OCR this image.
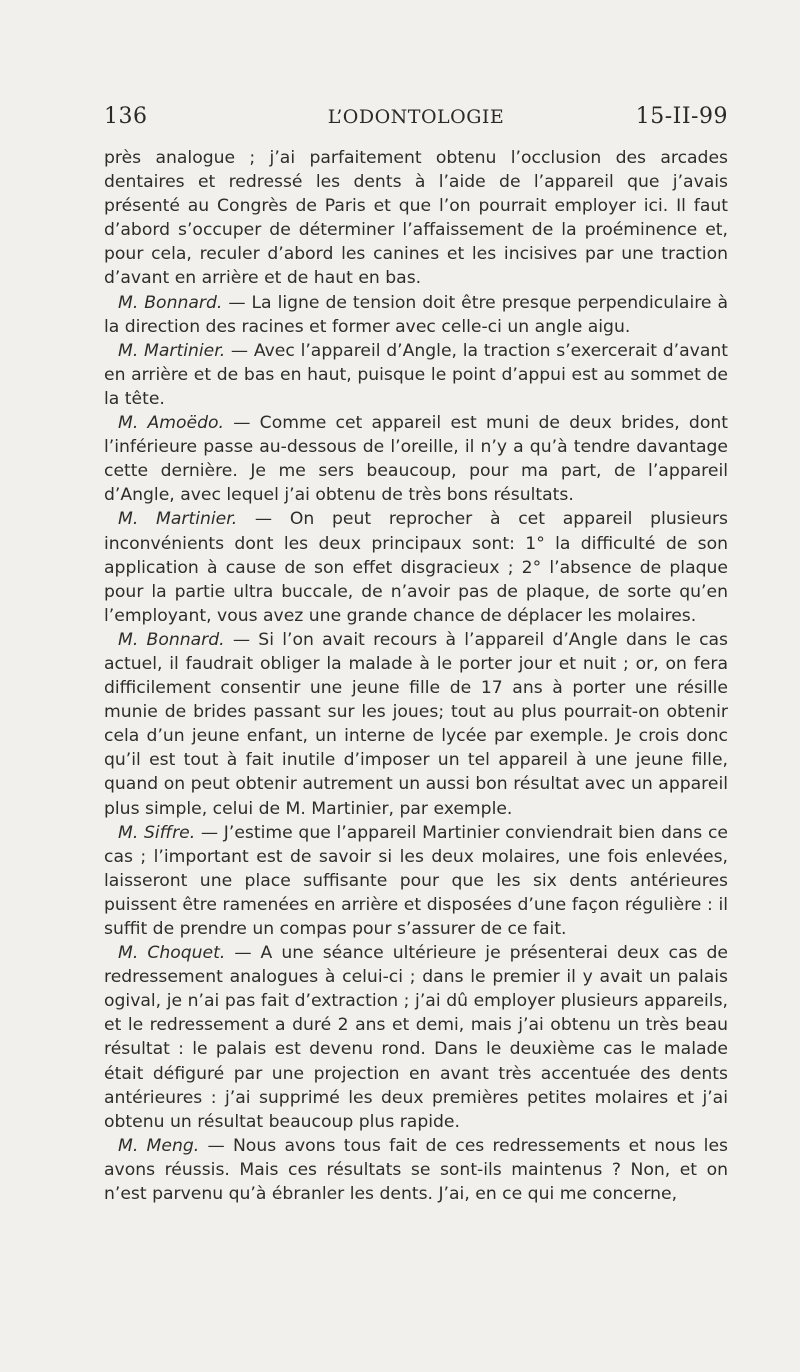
136	L’ODONTOLOGIE	15-II-99

près analogue ; j’ai parfaitement obtenu l’occlusion des arcades dentaires et redressé les dents à l’aide de l’appareil que j’avais présenté au Congrès de Paris et que l’on pourrait employer ici. Il faut d’abord s’occuper de déterminer l’affaissement de la proéminence et, pour cela, reculer d’abord les canines et les incisives par une traction d’avant en arrière et de haut en bas.

M. Bonnard. — La ligne de tension doit être presque perpendiculaire à la direction des racines et former avec celle-ci un angle aigu.

M. Martinier. — Avec l’appareil d’Angle, la traction s’exercerait d’avant en arrière et de bas en haut, puisque le point d’appui est au sommet de la tête.

M. Amoëdo. — Comme cet appareil est muni de deux brides, dont l’inférieure passe au-dessous de l’oreille, il n’y a qu’à tendre davantage cette dernière. Je me sers beaucoup, pour ma part, de l’appareil d’Angle, avec lequel j’ai obtenu de très bons résultats.

M. Martinier. — On peut reprocher à cet appareil plusieurs inconvénients dont les deux principaux sont: 1° la difficulté de son application à cause de son effet disgracieux ; 2° l’absence de plaque pour la partie ultra buccale, de n’avoir pas de plaque, de sorte qu’en l’employant, vous avez une grande chance de déplacer les molaires.

M. Bonnard. — Si l’on avait recours à l’appareil d’Angle dans le cas actuel, il faudrait obliger la malade à le porter jour et nuit ; or, on fera difficilement consentir une jeune fille de 17 ans à porter une résille munie de brides passant sur les joues; tout au plus pourrait-on obtenir cela d’un jeune enfant, un interne de lycée par exemple. Je crois donc qu’il est tout à fait inutile d’imposer un tel appareil à une jeune fille, quand on peut obtenir autrement un aussi bon résultat avec un appareil plus simple, celui de M. Martinier, par exemple.

M. Siffre. — J’estime que l’appareil Martinier conviendrait bien dans ce cas ; l’important est de savoir si les deux molaires, une fois enlevées, laisseront une place suffisante pour que les six dents antérieures puissent être ramenées en arrière et disposées d’une façon régulière : il suffit de prendre un compas pour s’assurer de ce fait.

M. Choquet. — A une séance ultérieure je présenterai deux cas de redressement analogues à celui-ci ; dans le premier il y avait un palais ogival, je n’ai pas fait d’extraction ; j’ai dû employer plusieurs appareils, et le redressement a duré 2 ans et demi, mais j’ai obtenu un très beau résultat : le palais est devenu rond. Dans le deuxième cas le malade était défiguré par une projection en avant très accentuée des dents antérieures : j’ai supprimé les deux premières petites molaires et j’ai obtenu un résultat beaucoup plus rapide.

M. Meng. — Nous avons tous fait de ces redressements et nous les avons réussis. Mais ces résultats se sont-ils maintenus ? Non, et on n’est parvenu qu’à ébranler les dents. J’ai, en ce qui me concerne,
